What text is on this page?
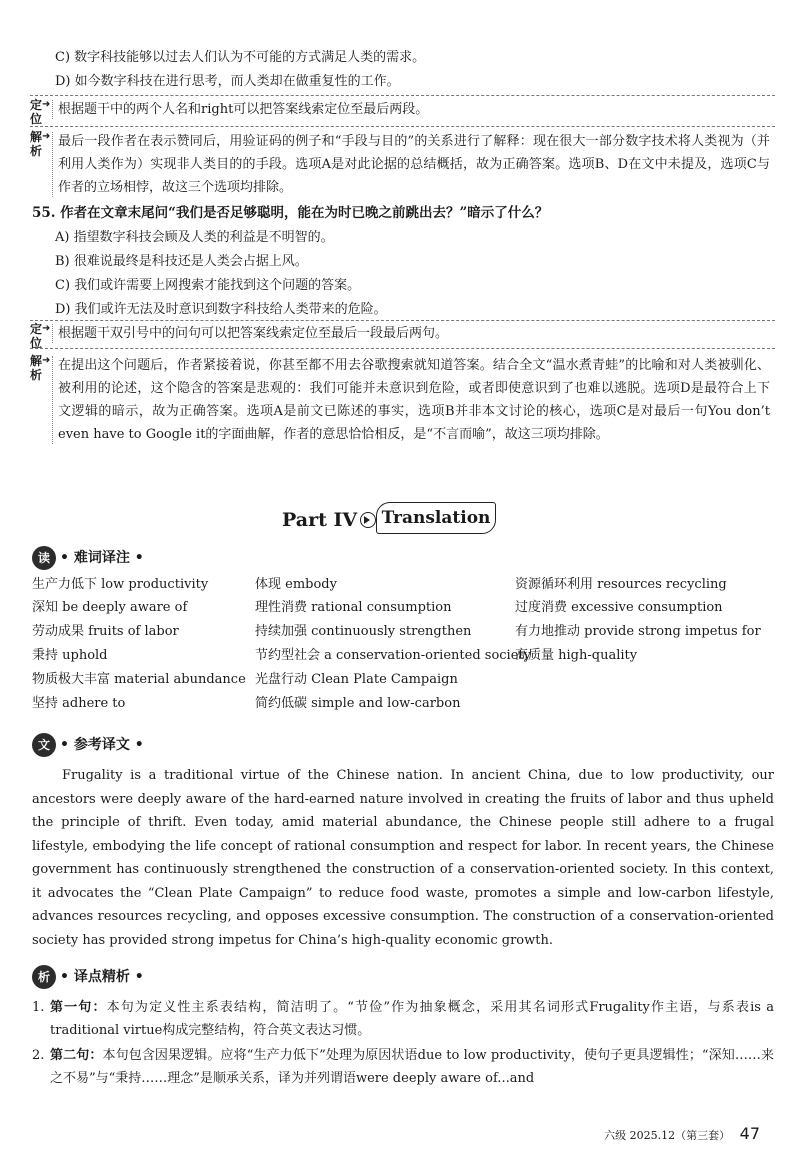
C) 数字科技能够以过去人们认为不可能的方式满足人类的需求。
D) 如今数字科技在进行思考，而人类却在做重复性的工作。
定
位
➜ 根据题干中的两个人名和right可以把答案线索定位至最后两段。
解
析
➜ 最后一段作者在表示赞同后，用验证码的例子和“手段与目的”的关系进行了解释：现在很大一部分数字技术将人类视为（并利用人类作为）实现非人类目的的手段。选项A是对此论据的总结概括，故为正确答案。选项B、D在文中未提及，选项C与作者的立场相悖，故这三个选项均排除。
55. 作者在文章末尾问“我们是否足够聪明，能在为时已晚之前跳出去？”暗示了什么？
A) 指望数字科技会顾及人类的利益是不明智的。
B) 很难说最终是科技还是人类会占据上风。
C) 我们或许需要上网搜索才能找到这个问题的答案。
D) 我们或许无法及时意识到数字科技给人类带来的危险。
定
位
➜ 根据题干双引号中的问句可以把答案线索定位至最后一段最后两句。
解
析
➜ 在提出这个问题后，作者紧接着说，你甚至都不用去谷歌搜索就知道答案。结合全文“温水煮青蛙”的比喻和对人类被驯化、被利用的论述，这个隐含的答案是悲观的：我们可能并未意识到危险，或者即使意识到了也难以逃脱。选项D是最符合上下文逻辑的暗示，故为正确答案。选项A是前文已陈述的事实，选项B并非本文讨论的核心，选项C是对最后一句You don’t even have to Google it的字面曲解，作者的意思恰恰相反，是“不言而喻”，故这三项均排除。
Part IV	Translation
读 • 难词译注 •
生产力低下 low productivity
深知 be deeply aware of
劳动成果 fruits of labor
秉持 uphold
物质极大丰富 material abundance
坚持 adhere to
体现 embody
理性消费 rational consumption
持续加强 continuously strengthen
节约型社会 a conservation-oriented society
光盘行动 Clean Plate Campaign
简约低碳 simple and low-carbon
资源循环利用 resources recycling
过度消费 excessive consumption
有力地推动 provide strong impetus for
高质量 high-quality
文 • 参考译文 •
Frugality is a traditional virtue of the Chinese nation. In ancient China, due to low productivity, our ancestors were deeply aware of the hard-earned nature involved in creating the fruits of labor and thus upheld the principle of thrift. Even today, amid material abundance, the Chinese people still adhere to a frugal lifestyle, embodying the life concept of rational consumption and respect for labor. In recent years, the Chinese government has continuously strengthened the construction of a conservation-oriented society. In this context, it advocates the “Clean Plate Campaign” to reduce food waste, promotes a simple and low-carbon lifestyle, advances resources recycling, and opposes excessive consumption. The construction of a conservation-oriented society has provided strong impetus for China’s high-quality economic growth.
析 • 译点精析 •
1. 第一句：本句为定义性主系表结构，简洁明了。“节俭”作为抽象概念，采用其名词形式Frugality作主语，与系表is a traditional virtue构成完整结构，符合英文表达习惯。
2. 第二句：本句包含因果逻辑。应将“生产力低下”处理为原因状语due to low productivity，使句子更具逻辑性；“深知……来之不易”与“秉持……理念”是顺承关系，译为并列谓语were deeply aware of...and
六级 2025.12（第三套） 47
